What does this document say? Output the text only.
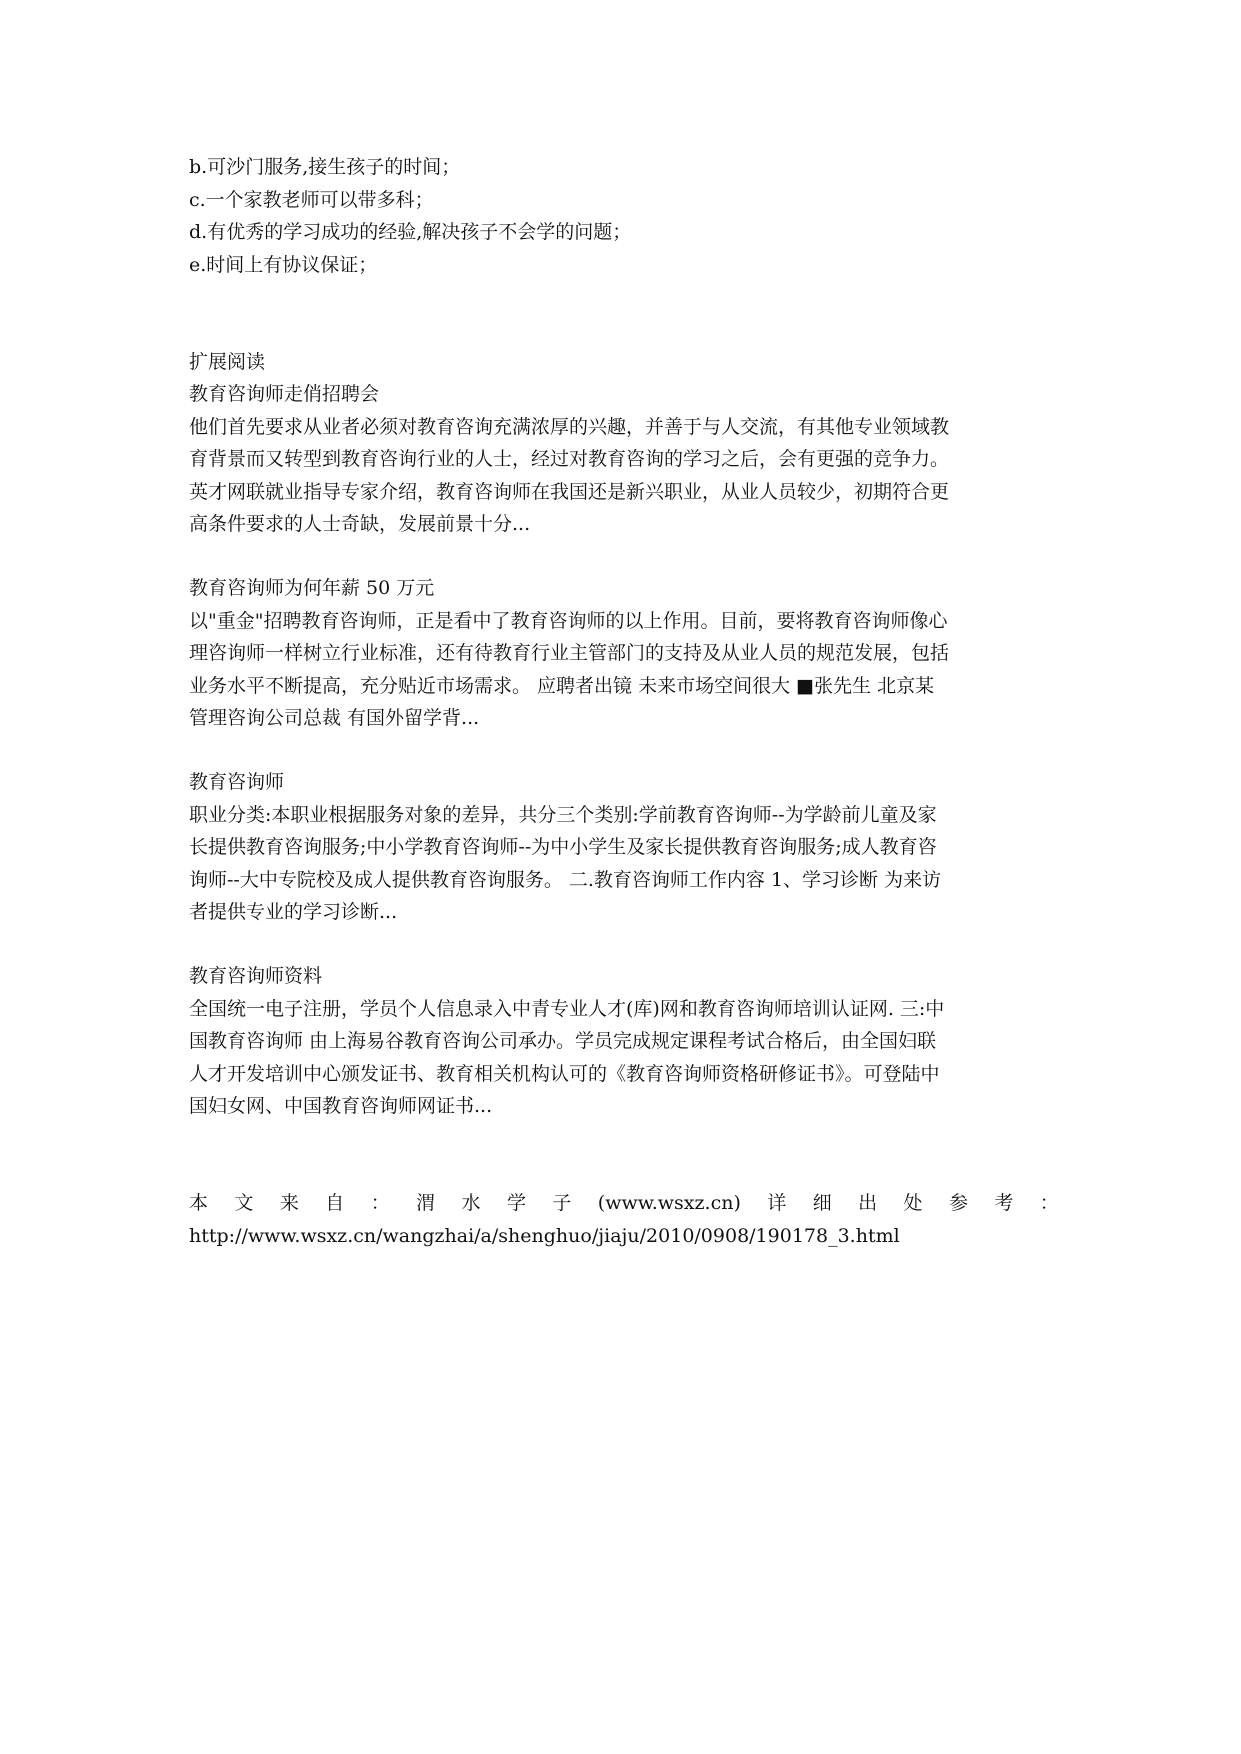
b.可沙门服务,接生孩子的时间；
c.一个家教老师可以带多科；
d.有优秀的学习成功的经验,解决孩子不会学的问题；
e.时间上有协议保证；
扩展阅读
教育咨询师走俏招聘会
他们首先要求从业者必须对教育咨询充满浓厚的兴趣，并善于与人交流，有其他专业领域教
育背景而又转型到教育咨询行业的人士，经过对教育咨询的学习之后，会有更强的竞争力。
英才网联就业指导专家介绍，教育咨询师在我国还是新兴职业，从业人员较少，初期符合更
高条件要求的人士奇缺，发展前景十分...
教育咨询师为何年薪 50 万元
以"重金"招聘教育咨询师，正是看中了教育咨询师的以上作用。目前，要将教育咨询师像心
理咨询师一样树立行业标准，还有待教育行业主管部门的支持及从业人员的规范发展，包括
业务水平不断提高，充分贴近市场需求。 应聘者出镜 未来市场空间很大 ■张先生 北京某
管理咨询公司总裁 有国外留学背...
教育咨询师
职业分类:本职业根据服务对象的差异，共分三个类别:学前教育咨询师--为学龄前儿童及家
长提供教育咨询服务;中小学教育咨询师--为中小学生及家长提供教育咨询服务;成人教育咨
询师--大中专院校及成人提供教育咨询服务。 二.教育咨询师工作内容 1、学习诊断 为来访
者提供专业的学习诊断...
教育咨询师资料
全国统一电子注册，学员个人信息录入中青专业人才(库)网和教育咨询师培训认证网. 三:中
国教育咨询师 由上海易谷教育咨询公司承办。学员完成规定课程考试合格后，由全国妇联
人才开发培训中心颁发证书、教育相关机构认可的《教育咨询师资格研修证书》。可登陆中
国妇女网、中国教育咨询师网证书...
本 文 来 自 ： 渭 水 学 子 (www.wsxz.cn) 详 细 出 处 参 考 ：
http://www.wsxz.cn/wangzhai/a/shenghuo/jiaju/2010/0908/190178_3.html
